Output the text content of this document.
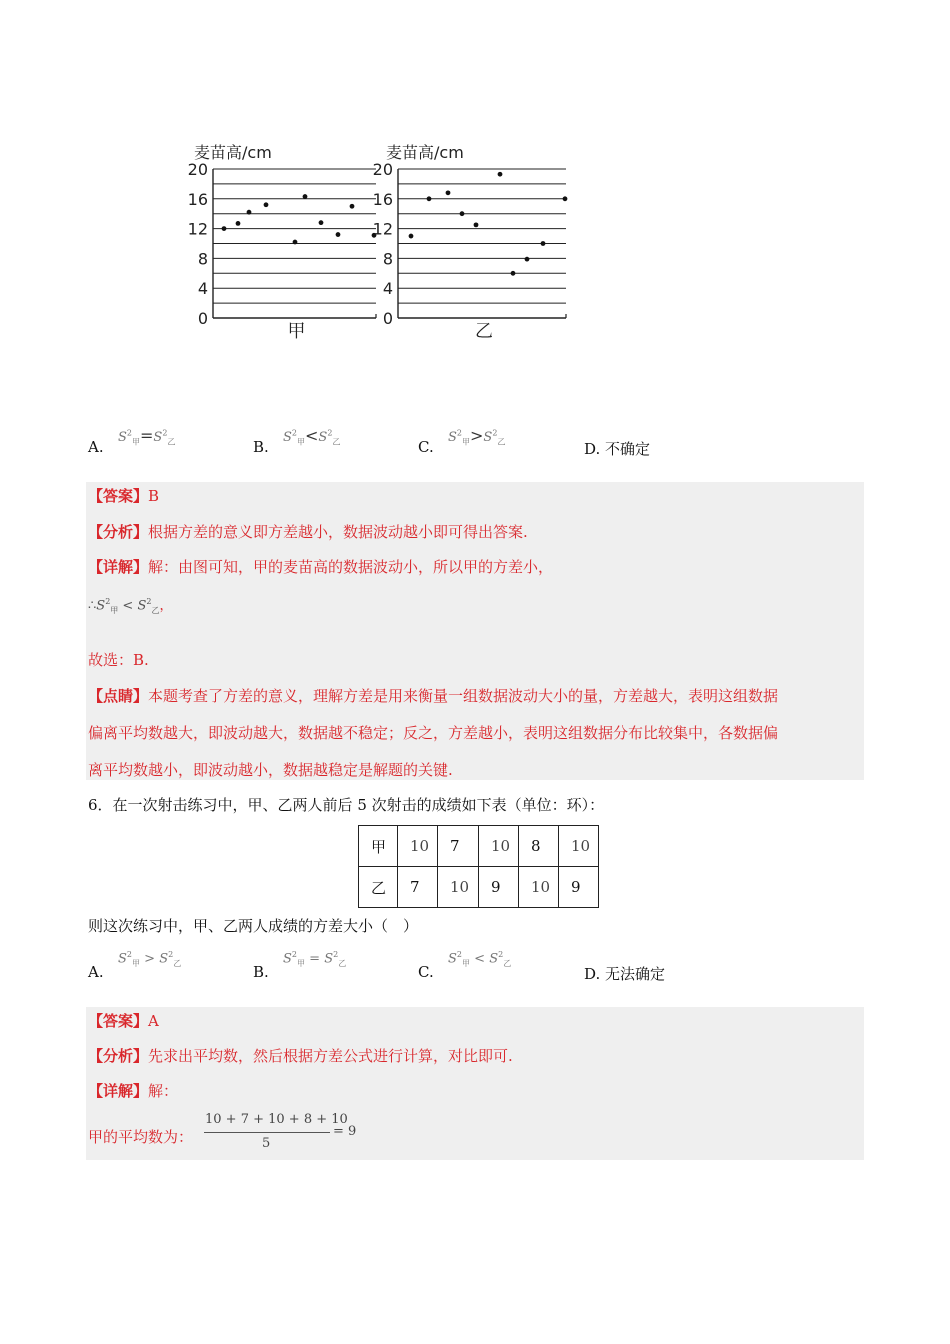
麦苗高/cm
20
16
12
8
4
0
甲
麦苗高/cm
20
16
12
8
4
0
乙
A.
$S^2_甲=S^2_乙$	B.
$S^2_甲<S^2_乙$	C.
$S^2_甲>S^2_乙$	D. 不确定
【答案】B
【分析】根据方差的意义即方差越小，数据波动越小即可得出答案.
【详解】解：由图可知，甲的麦苗高的数据波动小，所以甲的方差小，
$\therefore S^2_甲 < S^2_乙$，
故选：B.
【点睛】本题考查了方差的意义，理解方差是用来衡量一组数据波动大小的量，方差越大，表明这组数据
偏离平均数越大，即波动越大，数据越不稳定；反之，方差越小，表明这组数据分布比较集中，各数据偏
离平均数越小，即波动越小，数据越稳定是解题的关键.
6．在一次射击练习中，甲、乙两人前后 5 次射击的成绩如下表（单位：环）：
甲	10	7	10	8	10
乙	7	10	9	10	9
则这次练习中，甲、乙两人成绩的方差大小（　）
A.
$S^2_甲 > S^2_乙$	B.
$S^2_甲 = S^2_乙$	C.
$S^2_甲 < S^2_乙$
D. 无法确定
【答案】A
【分析】先求出平均数，然后根据方差公式进行计算，对比即可.
【详解】解：
甲的平均数为：
10 + 7 + 10 + 8 + 10
5
= 9
